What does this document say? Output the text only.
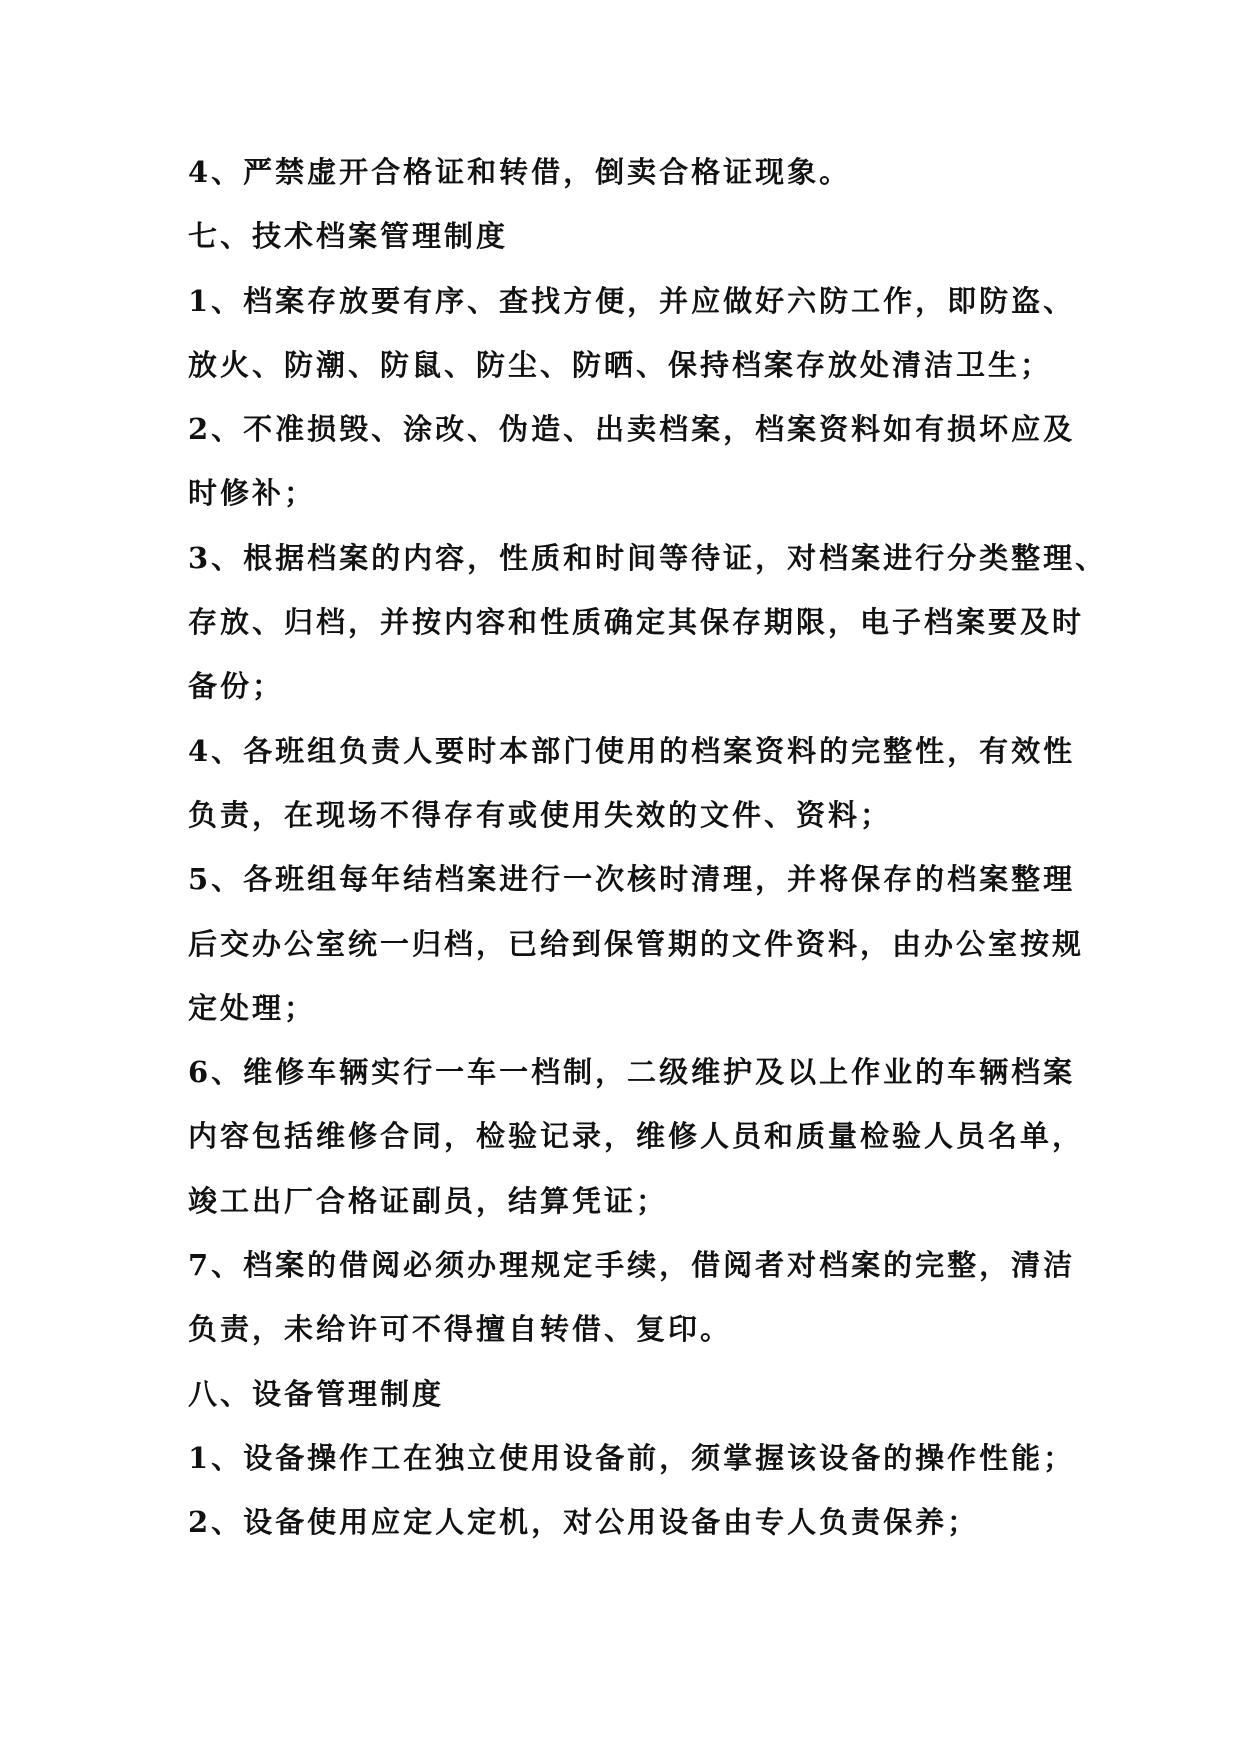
4、严禁虚开合格证和转借，倒卖合格证现象。
七、技术档案管理制度
1、档案存放要有序、查找方便，并应做好六防工作，即防盗、
放火、防潮、防鼠、防尘、防晒、保持档案存放处清洁卫生；
2、不准损毁、涂改、伪造、出卖档案，档案资料如有损坏应及
时修补；
3、根据档案的内容，性质和时间等待证，对档案进行分类整理、
存放、归档，并按内容和性质确定其保存期限，电子档案要及时
备份；
4、各班组负责人要时本部门使用的档案资料的完整性，有效性
负责，在现场不得存有或使用失效的文件、资料；
5、各班组每年结档案进行一次核时清理，并将保存的档案整理
后交办公室统一归档，已给到保管期的文件资料，由办公室按规
定处理；
6、维修车辆实行一车一档制，二级维护及以上作业的车辆档案
内容包括维修合同，检验记录，维修人员和质量检验人员名单，
竣工出厂合格证副员，结算凭证；
7、档案的借阅必须办理规定手续，借阅者对档案的完整，清洁
负责，未给许可不得擅自转借、复印。
八、设备管理制度
1、设备操作工在独立使用设备前，须掌握该设备的操作性能；
2、设备使用应定人定机，对公用设备由专人负责保养；
